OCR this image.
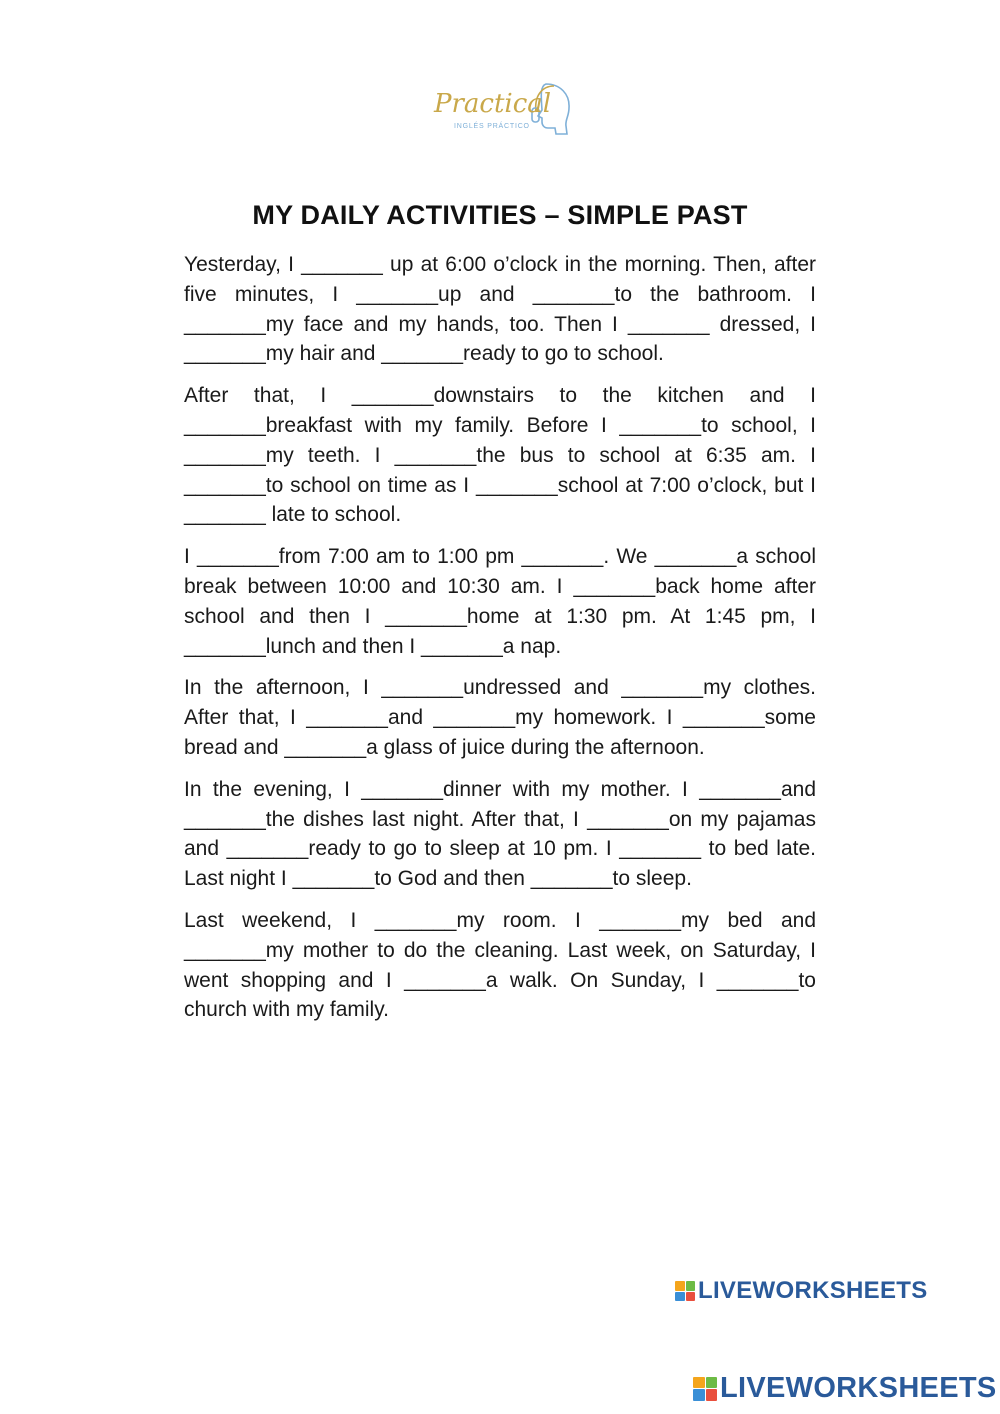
Practical
INGLÉS PRÁCTICO
MY DAILY ACTIVITIES – SIMPLE PAST

Yesterday, I _______ up at 6:00 o’clock in the morning. Then, after five minutes, I _______up and _______to the bathroom. I _______my face and my hands, too. Then I _______ dressed, I _______my hair and _______ready to go to school.

After that, I _______downstairs to the kitchen and I _______breakfast with my family. Before I _______to school, I _______my teeth. I _______the bus to school at 6:35 am. I _______to school on time as I _______school at 7:00 o’clock, but I _______ late to school.

I _______from 7:00 am to 1:00 pm _______. We _______a school break between 10:00 and 10:30 am. I _______back home after school and then I _______home at 1:30 pm. At 1:45 pm, I _______lunch and then I _______a nap.

In the afternoon, I _______undressed and _______my clothes. After that, I _______and _______my homework. I _______some bread and _______a glass of juice during the afternoon.

In the evening, I _______dinner with my mother. I _______and _______the dishes last night. After that, I _______on my pajamas and _______ready to go to sleep at 10 pm. I _______ to bed late. Last night I _______to God and then _______to sleep.

Last weekend, I _______my room. I _______my bed and _______my mother to do the cleaning. Last week, on Saturday, I went shopping and I _______a walk. On Sunday, I _______to church with my family.

LIVEWORKSHEETS
LIVEWORKSHEETS
